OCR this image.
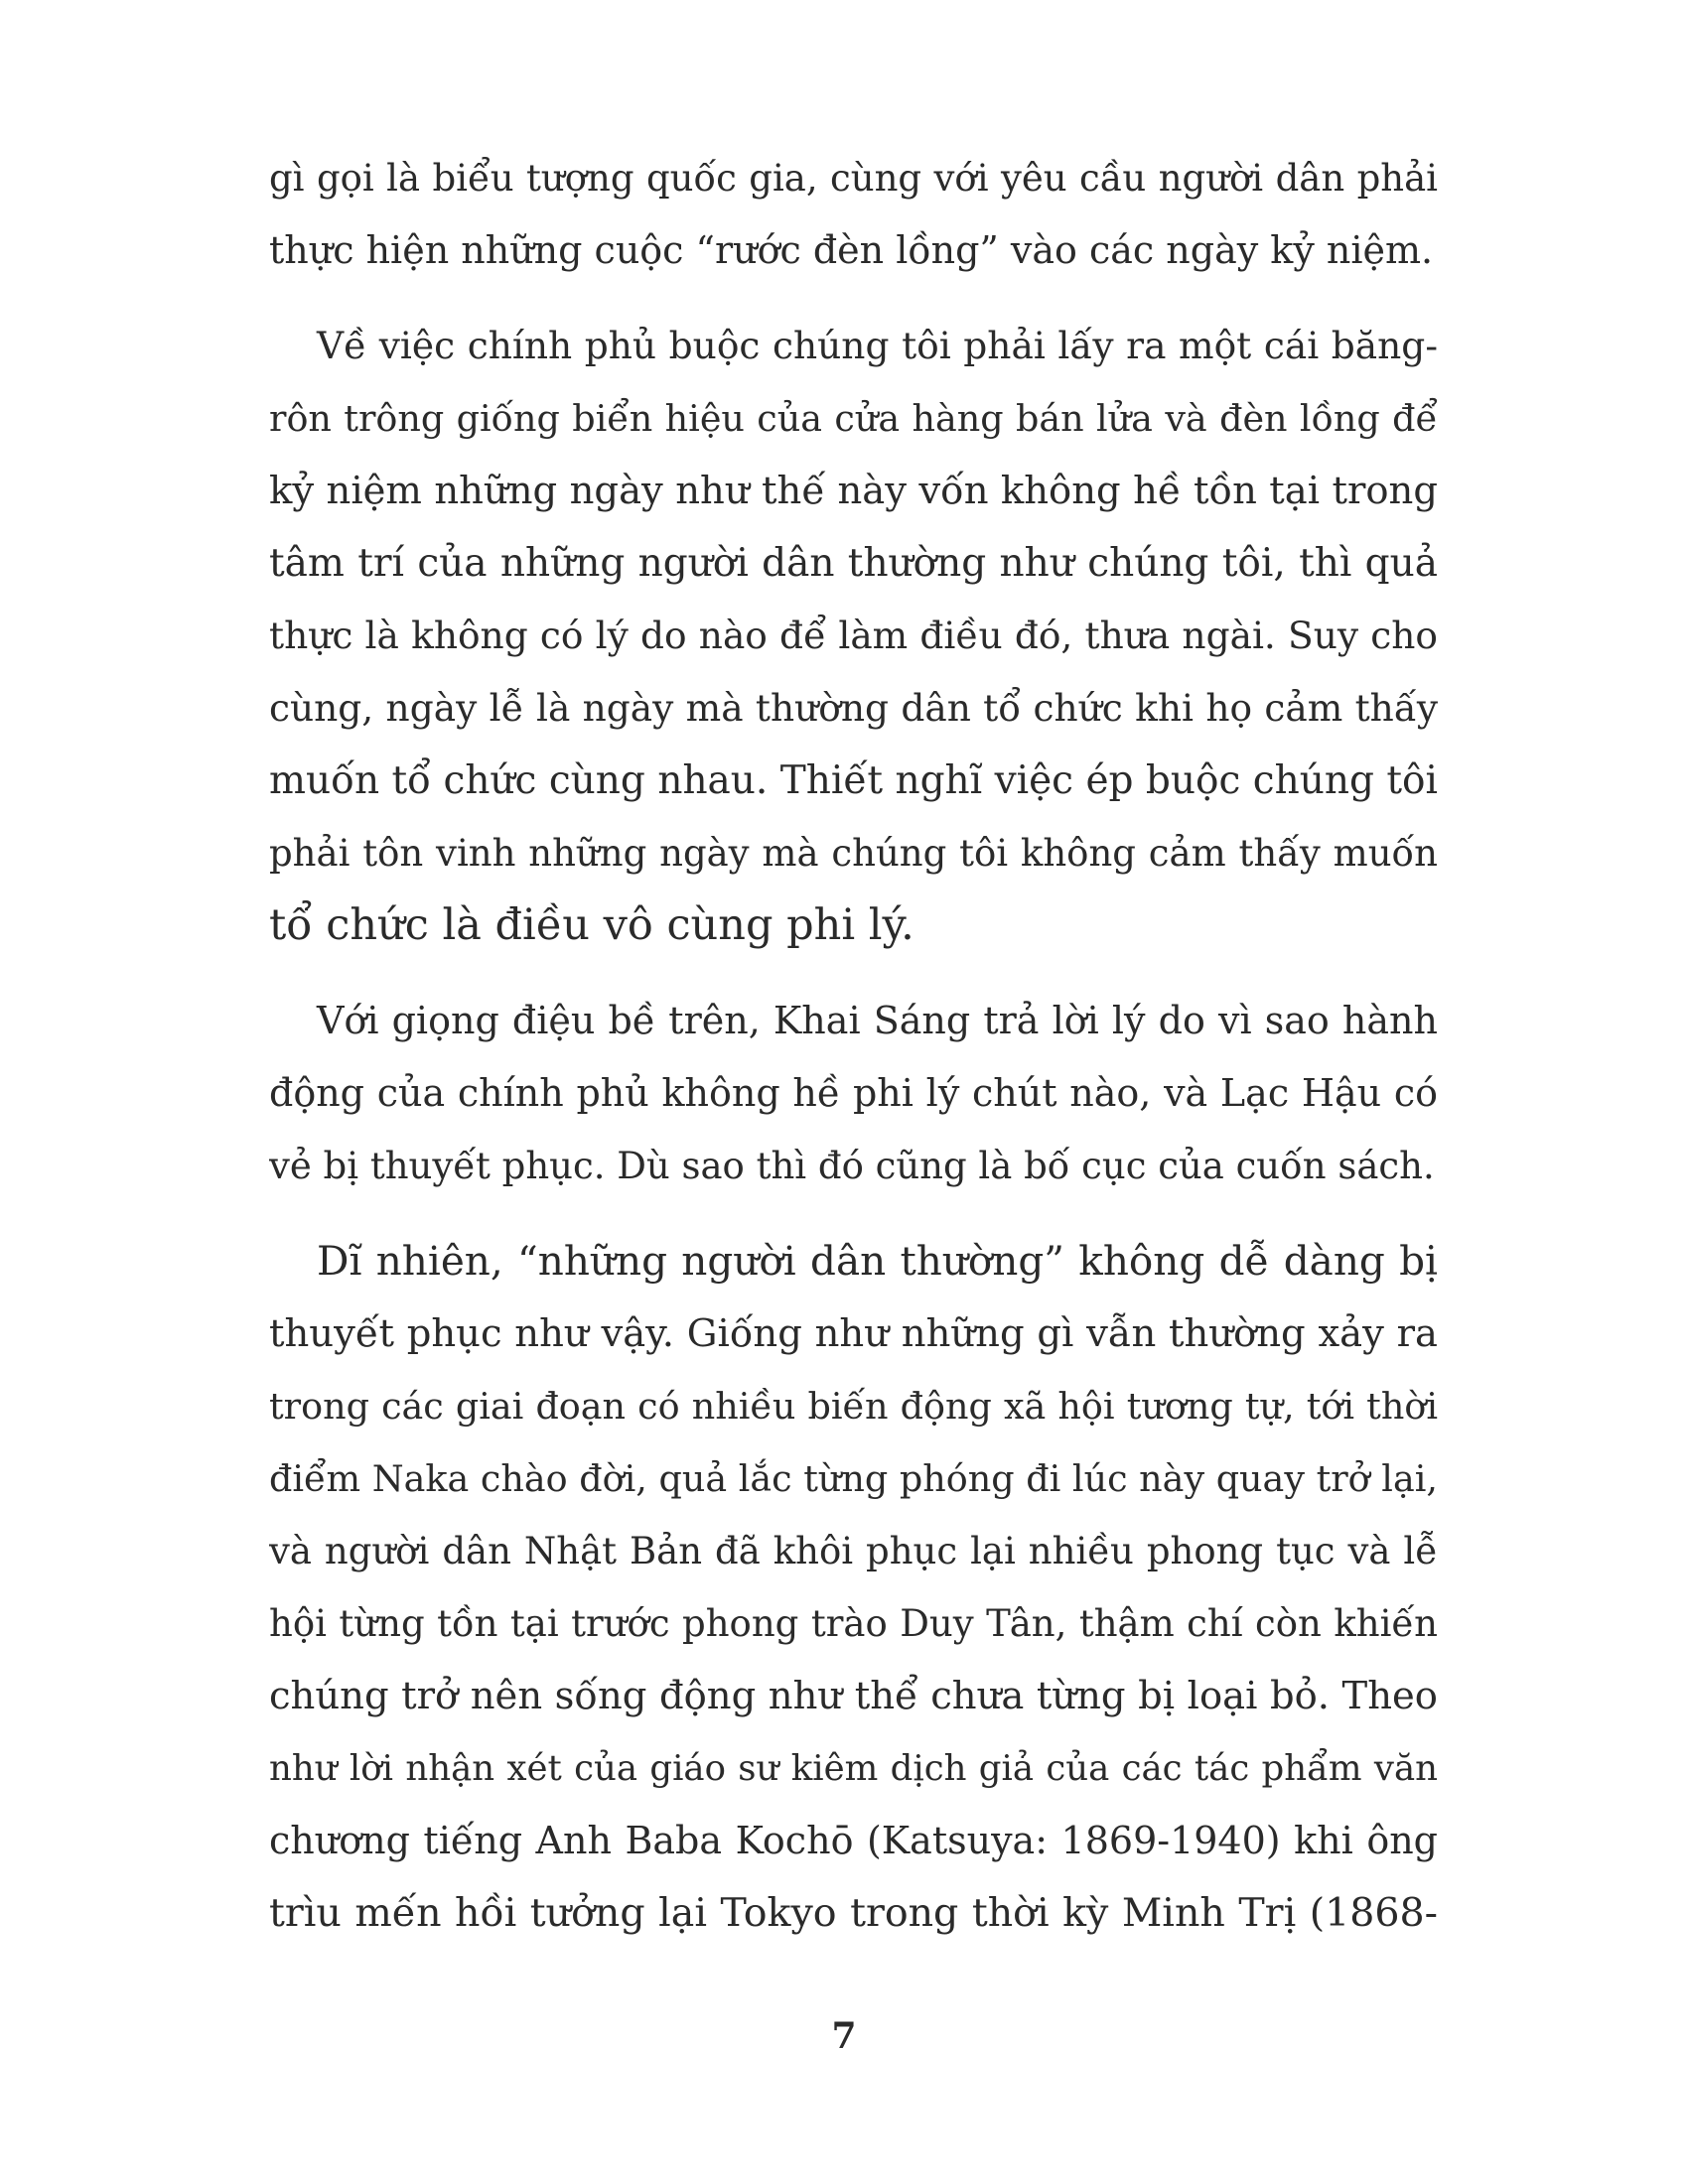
gì gọi là biểu tượng quốc gia, cùng với yêu cầu người dân phải
thực hiện những cuộc “rước đèn lồng” vào các ngày kỷ niệm.
Về việc chính phủ buộc chúng tôi phải lấy ra một cái băng-
rôn trông giống biển hiệu của cửa hàng bán lửa và đèn lồng để
kỷ niệm những ngày như thế này vốn không hề tồn tại trong
tâm trí của những người dân thường như chúng tôi, thì quả
thực là không có lý do nào để làm điều đó, thưa ngài. Suy cho
cùng, ngày lễ là ngày mà thường dân tổ chức khi họ cảm thấy
muốn tổ chức cùng nhau. Thiết nghĩ việc ép buộc chúng tôi
phải tôn vinh những ngày mà chúng tôi không cảm thấy muốn
tổ chức là điều vô cùng phi lý.
Với giọng điệu bề trên, Khai Sáng trả lời lý do vì sao hành
động của chính phủ không hề phi lý chút nào, và Lạc Hậu có
vẻ bị thuyết phục. Dù sao thì đó cũng là bố cục của cuốn sách.
Dĩ nhiên, “những người dân thường” không dễ dàng bị
thuyết phục như vậy. Giống như những gì vẫn thường xảy ra
trong các giai đoạn có nhiều biến động xã hội tương tự, tới thời
điểm Naka chào đời, quả lắc từng phóng đi lúc này quay trở lại,
và người dân Nhật Bản đã khôi phục lại nhiều phong tục và lễ
hội từng tồn tại trước phong trào Duy Tân, thậm chí còn khiến
chúng trở nên sống động như thể chưa từng bị loại bỏ. Theo
như lời nhận xét của giáo sư kiêm dịch giả của các tác phẩm văn
chương tiếng Anh Baba Kochō (Katsuya: 1869-1940) khi ông
trìu mến hồi tưởng lại Tokyo trong thời kỳ Minh Trị (1868-
7
